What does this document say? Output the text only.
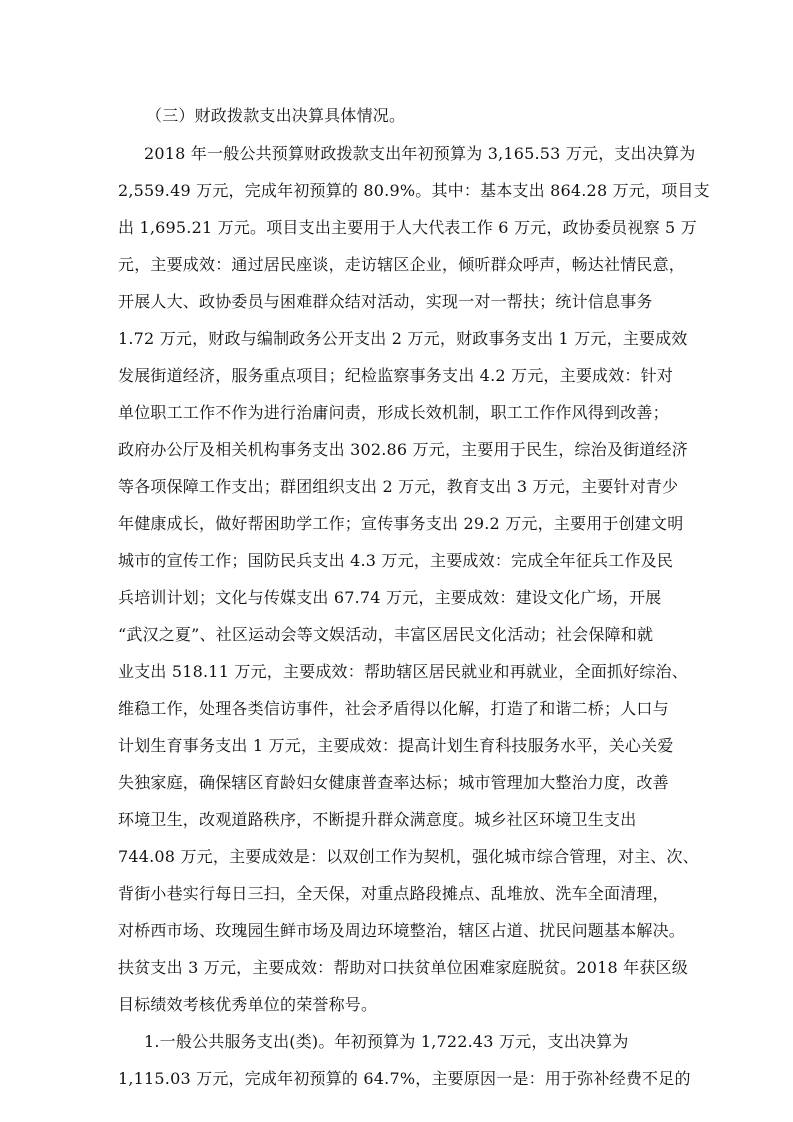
（三）财政拨款支出决算具体情况。
2018 年一般公共预算财政拨款支出年初预算为 3,165.53 万元，支出决算为
2,559.49 万元，完成年初预算的 80.9%。其中：基本支出 864.28 万元，项目支
出 1,695.21 万元。项目支出主要用于人大代表工作 6 万元，政协委员视察 5 万
元，主要成效：通过居民座谈，走访辖区企业，倾听群众呼声，畅达社情民意，
开展人大、政协委员与困难群众结对活动，实现一对一帮扶；统计信息事务
1.72 万元，财政与编制政务公开支出 2 万元，财政事务支出 1 万元，主要成效
发展街道经济，服务重点项目；纪检监察事务支出 4.2 万元，主要成效：针对
单位职工工作不作为进行治庸问责，形成长效机制，职工工作作风得到改善；
政府办公厅及相关机构事务支出 302.86 万元，主要用于民生，综治及街道经济
等各项保障工作支出；群团组织支出 2 万元，教育支出 3 万元，主要针对青少
年健康成长，做好帮困助学工作；宣传事务支出 29.2 万元，主要用于创建文明
城市的宣传工作；国防民兵支出 4.3 万元，主要成效：完成全年征兵工作及民
兵培训计划；文化与传媒支出 67.74 万元，主要成效：建设文化广场，开展
“武汉之夏”、社区运动会等文娱活动，丰富区居民文化活动；社会保障和就
业支出 518.11 万元，主要成效：帮助辖区居民就业和再就业，全面抓好综治、
维稳工作，处理各类信访事件，社会矛盾得以化解，打造了和谐二桥；人口与
计划生育事务支出 1 万元，主要成效：提高计划生育科技服务水平，关心关爱
失独家庭，确保辖区育龄妇女健康普查率达标；城市管理加大整治力度，改善
环境卫生，改观道路秩序，不断提升群众满意度。城乡社区环境卫生支出
744.08 万元，主要成效是：以双创工作为契机，强化城市综合管理，对主、次、
背街小巷实行每日三扫，全天保，对重点路段摊点、乱堆放、洗车全面清理，
对桥西市场、玫瑰园生鲜市场及周边环境整治，辖区占道、扰民问题基本解决。
扶贫支出 3 万元，主要成效：帮助对口扶贫单位困难家庭脱贫。2018 年获区级
目标绩效考核优秀单位的荣誉称号。
1.一般公共服务支出(类)。年初预算为 1,722.43 万元，支出决算为
1,115.03 万元，完成年初预算的 64.7%，主要原因一是：用于弥补经费不足的
